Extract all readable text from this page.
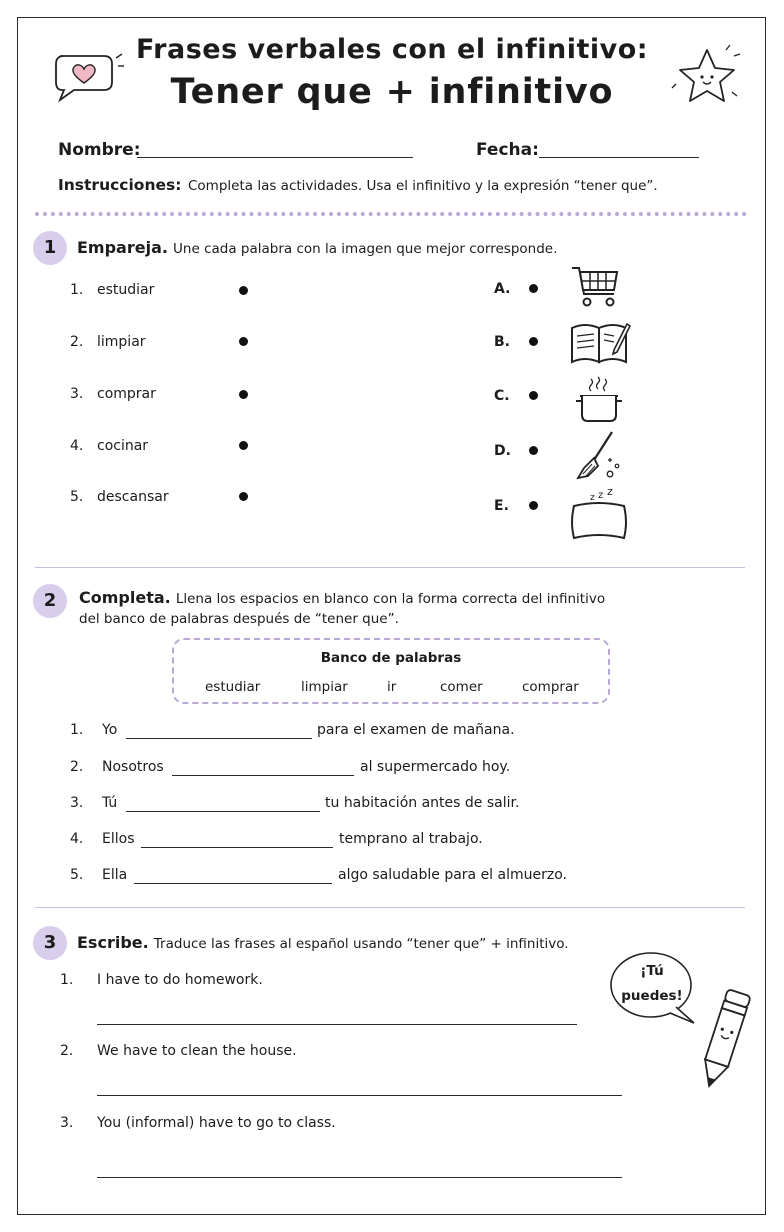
Frases verbales con el infinitivo:
Tener que + infinitivo
Nombre:	Fecha:
Instrucciones: Completa las actividades. Usa el infinitivo y la expresión “tener que”.
1	Empareja. Une cada palabra con la imagen que mejor corresponde.
1. estudiar
2. limpiar
3. comprar
4. cocinar
5. descansar
A.
B.
C.
D.
E.	z z z
2	Completa. Llena los espacios en blanco con la forma correcta del infinitivo
del banco de palabras después de “tener que”.
Banco de palabras
estudiar	limpiar	ir	comer	comprar
1. Yo	para el examen de mañana.
2. Nosotros	al supermercado hoy.
3. Tú	tu habitación antes de salir.
4. Ellos	temprano al trabajo.
5. Ella	algo saludable para el almuerzo.
3	Escribe. Traduce las frases al español usando “tener que” + infinitivo.
1. I have to do homework.
2. We have to clean the house.
3. You (informal) have to go to class.
¡Tú
puedes!
